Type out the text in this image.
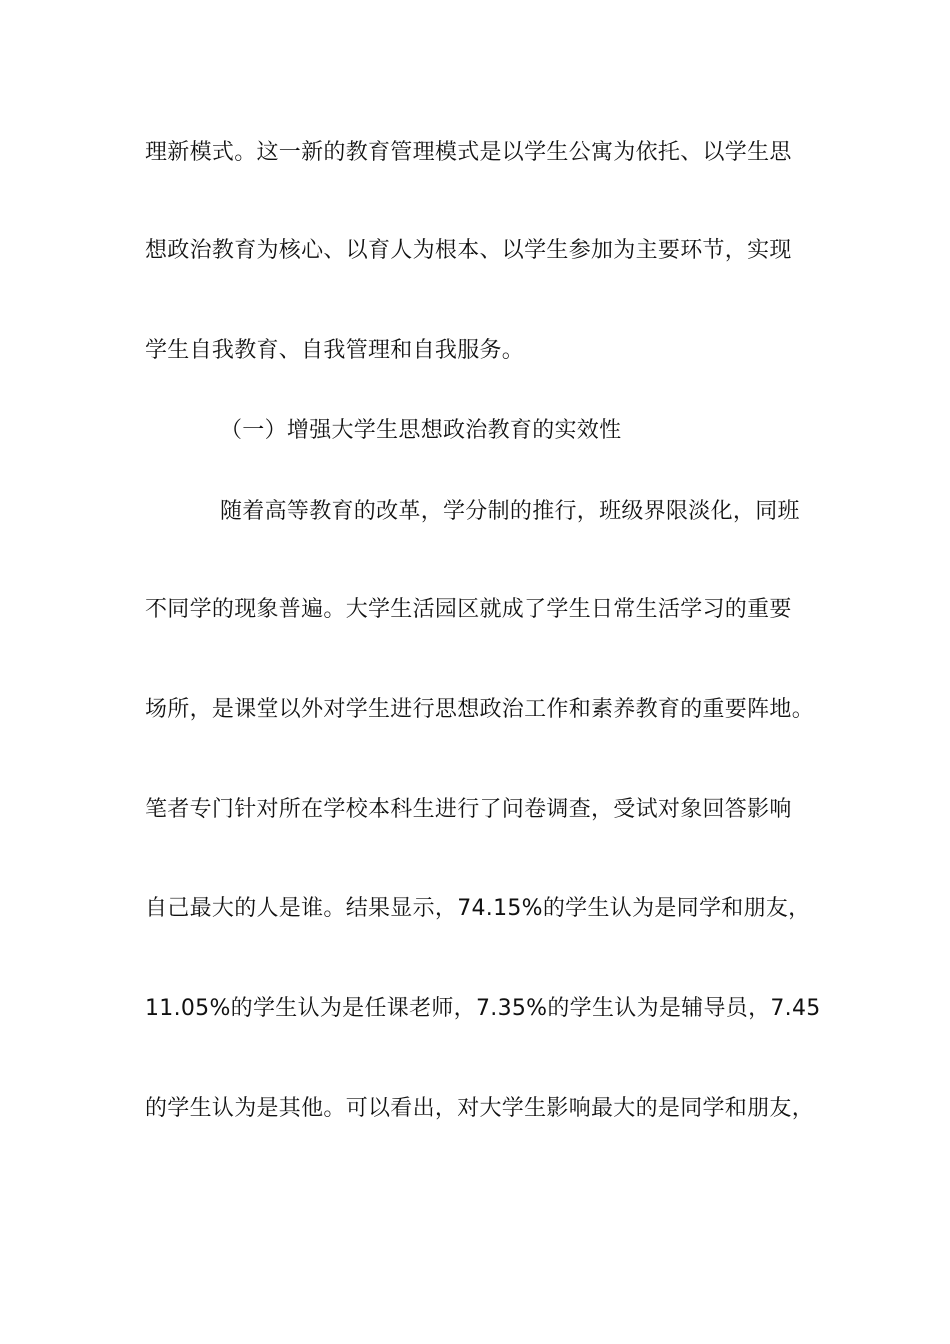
理新模式。这一新的教育管理模式是以学生公寓为依托、以学生思
想政治教育为核心、以育人为根本、以学生参加为主要环节，实现
学生自我教育、自我管理和自我服务。
（一）增强大学生思想政治教育的实效性
随着高等教育的改革，学分制的推行，班级界限淡化，同班
不同学的现象普遍。大学生活园区就成了学生日常生活学习的重要
场所，是课堂以外对学生进行思想政治工作和素养教育的重要阵地。
笔者专门针对所在学校本科生进行了问卷调查，受试对象回答影响
自己最大的人是谁。结果显示，74.15%的学生认为是同学和朋友，
11.05%的学生认为是任课老师，7.35%的学生认为是辅导员，7.45
的学生认为是其他。可以看出，对大学生影响最大的是同学和朋友，
